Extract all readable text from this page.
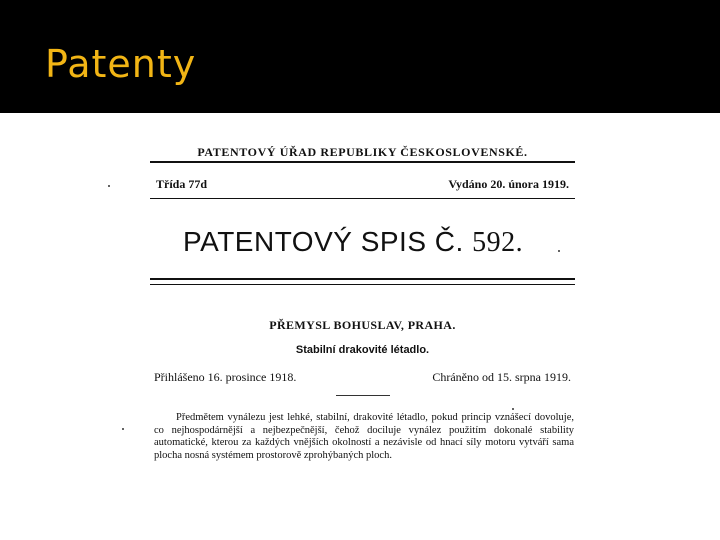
Patenty
PATENTOVÝ ÚŘAD REPUBLIKY ČESKOSLOVENSKÉ.
Třída 77d	Vydáno 20. února 1919.
PATENTOVÝ SPIS Č. 592.
PŘEMYSL BOHUSLAV, PRAHA.
Stabilní drakovité létadlo.
Přihlášeno 16. prosince 1918.	Chráněno od 15. srpna 1919.
Předmětem vynálezu jest lehké, stabilní, drakovité létadlo, pokud princip vznášecí dovoluje, co nejhospodárnější a nejbezpečnější, čehož dociluje vynález použitím dokonalé stability automatické, kterou za každých vnějších okolností a nezávisle od hnací síly motoru vytváří sama plocha nosná systémem prostorově zprohýbaných ploch.
